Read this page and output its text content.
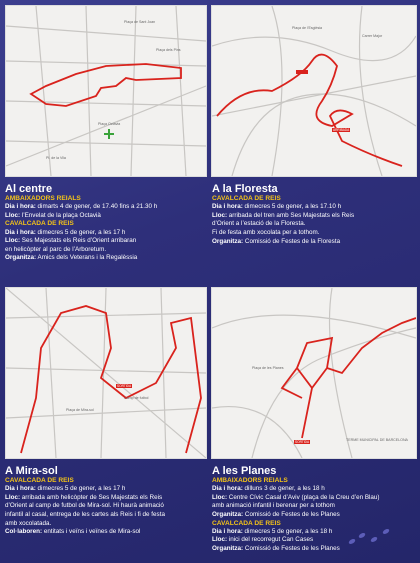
Plaça de Sant Joan
Plaça dels Pins
Plaça Octàvia
Pl. de la Vila
Plaça de l'Església
Carrer Major
ARRIBADA
Al centre
AMBAIXADORS REIALS
Dia i hora: dimarts 4 de gener, de 17.40 fins a 21.30 h
Lloc: l’Envelat de la plaça Octavià
CAVALCADA DE REIS
Dia i hora: dimecres 5 de gener, a les 17 h
Lloc: Ses Majestats els Reis d’Orient arribaran
en helicòpter al parc de l’Arboretum.
Organitza: Amics dels Veterans i la Regalèssia
A la Floresta
CAVALCADA DE REIS
Dia i hora: dimecres 5 de gener, a les 17.10 h
Lloc: arribada del tren amb Ses Majestats els Reis
d’Orient a l’estació de la Floresta.
Fi de festa amb xocolata per a tothom.
Organitza: Comissió de Festes de la Floresta
Plaça de Mira-sol
Camp de futbol
SORTIDA
Plaça de les Planes
TERME MUNICIPAL DE BARCELONA
SORTIDA
A Mira-sol
CAVALCADA DE REIS
Dia i hora: dimecres 5 de gener, a les 17 h
Lloc: arribada amb helicòpter de Ses Majestats els Reis
d’Orient al camp de futbol de Mira-sol. Hi haurà animació
infantil al casal, entrega de les cartes als Reis i fi de festa
amb xocolatada.
Col·laboren: entitats i veïns i veïnes de Mira-sol
A les Planes
AMBAIXADORS REIALS
Dia i hora: dilluns 3 de gener, a les 18 h
Lloc: Centre Cívic Casal d’Aviv (plaça de la Creu d’en Blau)
amb animació infantil i berenar per a tothom
Organitza: Comissió de Festes de les Planes
CAVALCADA DE REIS
Dia i hora: dimecres 5 de gener, a les 18 h
Lloc: inici del recorregut Can Cases
Organitza: Comissió de Festes de les Planes
